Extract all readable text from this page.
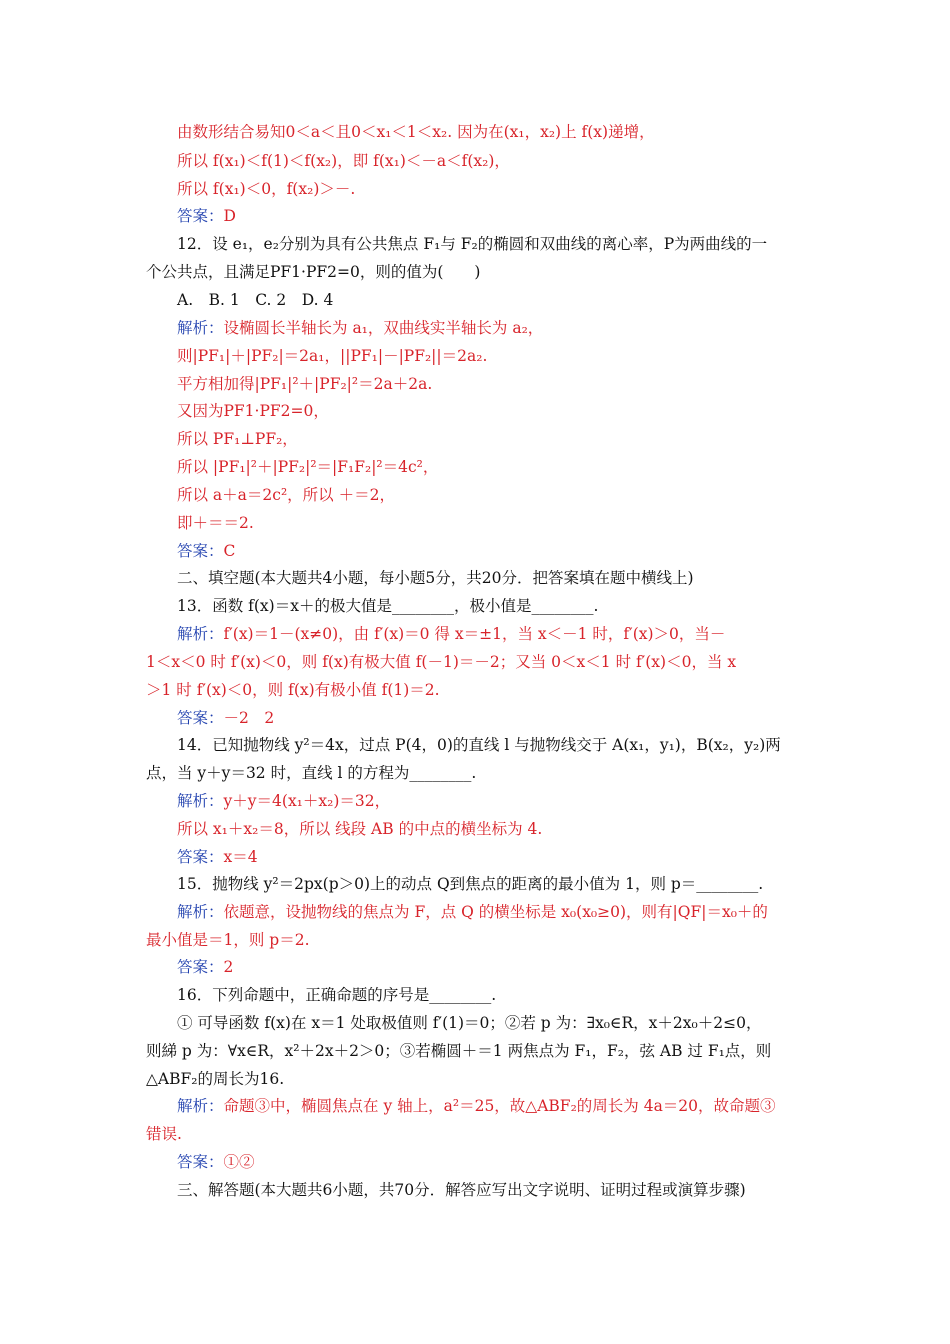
由数形结合易知0＜a＜且0＜x₁＜1＜x₂. 因为在(x₁，x₂)上 f(x)递增，
所以 f(x₁)＜f(1)＜f(x₂)，即 f(x₁)＜－a＜f(x₂)，
所以 f(x₁)＜0，f(x₂)＞－.
答案：D
12．设 e₁，e₂分别为具有公共焦点 F₁与 F₂的椭圆和双曲线的离心率，P为两曲线的一
个公共点，且满足PF1·PF2=0，则的值为(　　)
A.　B. 1　C. 2　D. 4
解析：设椭圆长半轴长为 a₁，双曲线实半轴长为 a₂，
则|PF₁|＋|PF₂|＝2a₁，||PF₁|－|PF₂||＝2a₂.
平方相加得|PF₁|²＋|PF₂|²＝2a＋2a.
又因为PF1·PF2=0，
所以 PF₁⊥PF₂，
所以 |PF₁|²＋|PF₂|²＝|F₁F₂|²＝4c²，
所以 a＋a＝2c²，所以 ＋＝2，
即＋＝＝2.
答案：C
二、填空题(本大题共4小题，每小题5分，共20分．把答案填在题中横线上)
13．函数 f(x)＝x＋的极大值是________，极小值是________.
解析：f′(x)＝1－(x≠0)，由 f′(x)＝0 得 x＝±1，当 x＜－1 时，f′(x)＞0，当－
1＜x＜0 时 f′(x)＜0，则 f(x)有极大值 f(－1)＝－2；又当 0＜x＜1 时 f′(x)＜0，当 x
＞1 时 f′(x)＜0，则 f(x)有极小值 f(1)＝2.
答案：－2　2
14．已知抛物线 y²＝4x，过点 P(4，0)的直线 l 与抛物线交于 A(x₁，y₁)，B(x₂，y₂)两
点，当 y＋y＝32 时，直线 l 的方程为________.
解析：y＋y＝4(x₁＋x₂)＝32，
所以 x₁＋x₂＝8，所以 线段 AB 的中点的横坐标为 4.
答案：x＝4
15．抛物线 y²＝2px(p＞0)上的动点 Q到焦点的距离的最小值为 1，则 p＝________.
解析：依题意，设抛物线的焦点为 F，点 Q 的横坐标是 x₀(x₀≥0)，则有|QF|＝x₀＋的
最小值是＝1，则 p＝2.
答案：2
16．下列命题中，正确命题的序号是________.
① 可导函数 f(x)在 x＝1 处取极值则 f′(1)＝0；②若 p 为：∃x₀∈R，x＋2x₀＋2≤0，
则綈 p 为：∀x∈R，x²＋2x＋2＞0；③若椭圆＋＝1 两焦点为 F₁，F₂，弦 AB 过 F₁点，则
△ABF₂的周长为16.
解析：命题③中，椭圆焦点在 y 轴上，a²＝25，故△ABF₂的周长为 4a＝20，故命题③
错误.
答案：①②
三、解答题(本大题共6小题，共70分．解答应写出文字说明、证明过程或演算步骤)
